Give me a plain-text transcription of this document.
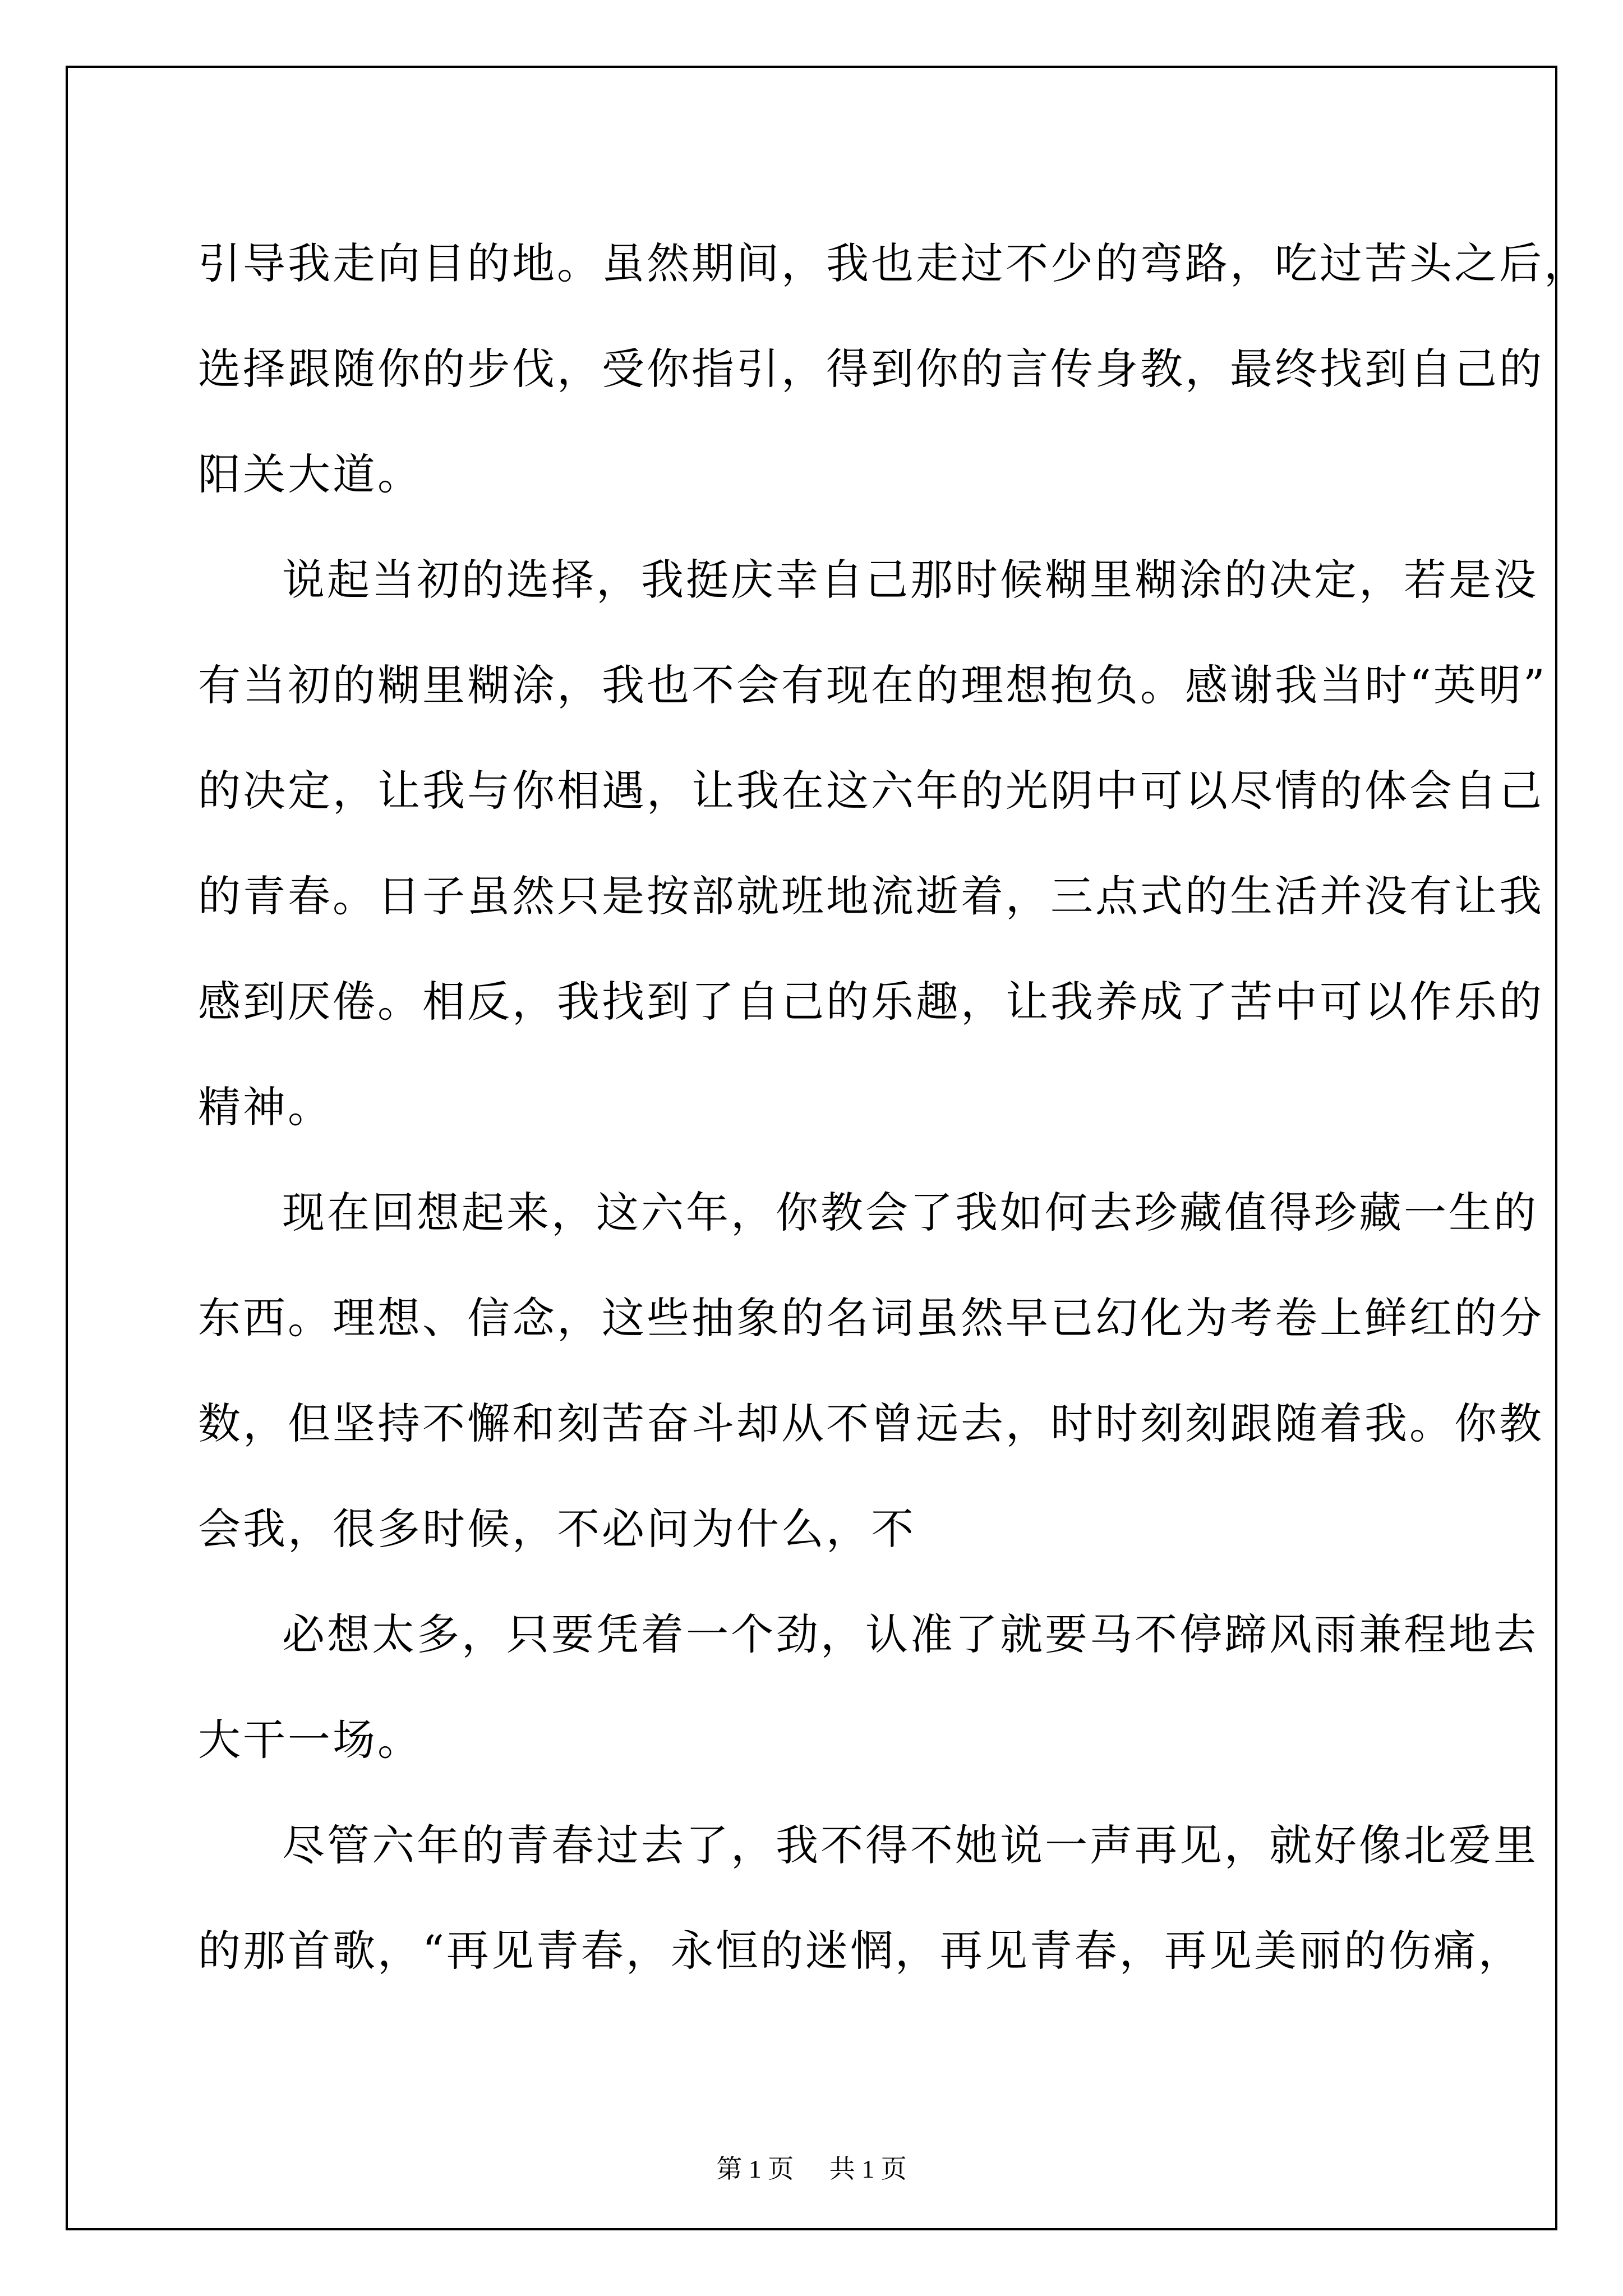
引导我走向目的地。虽然期间，我也走过不少的弯路，吃过苦头之后，
选择跟随你的步伐，受你指引，得到你的言传身教，最终找到自己的
阳关大道。
说起当初的选择，我挺庆幸自己那时候糊里糊涂的决定，若是没
有当初的糊里糊涂，我也不会有现在的理想抱负。感谢我当时“英明”
的决定，让我与你相遇，让我在这六年的光阴中可以尽情的体会自己
的青春。日子虽然只是按部就班地流逝着，三点式的生活并没有让我
感到厌倦。相反，我找到了自己的乐趣，让我养成了苦中可以作乐的
精神。
现在回想起来，这六年，你教会了我如何去珍藏值得珍藏一生的
东西。理想、信念，这些抽象的名词虽然早已幻化为考卷上鲜红的分
数，但坚持不懈和刻苦奋斗却从不曾远去，时时刻刻跟随着我。你教
会我，很多时候，不必问为什么，不
必想太多，只要凭着一个劲，认准了就要马不停蹄风雨兼程地去
大干一场。
尽管六年的青春过去了，我不得不她说一声再见，就好像北爱里
的那首歌，“再见青春，永恒的迷惘，再见青春，再见美丽的伤痛，
第 1 页 共 1 页
